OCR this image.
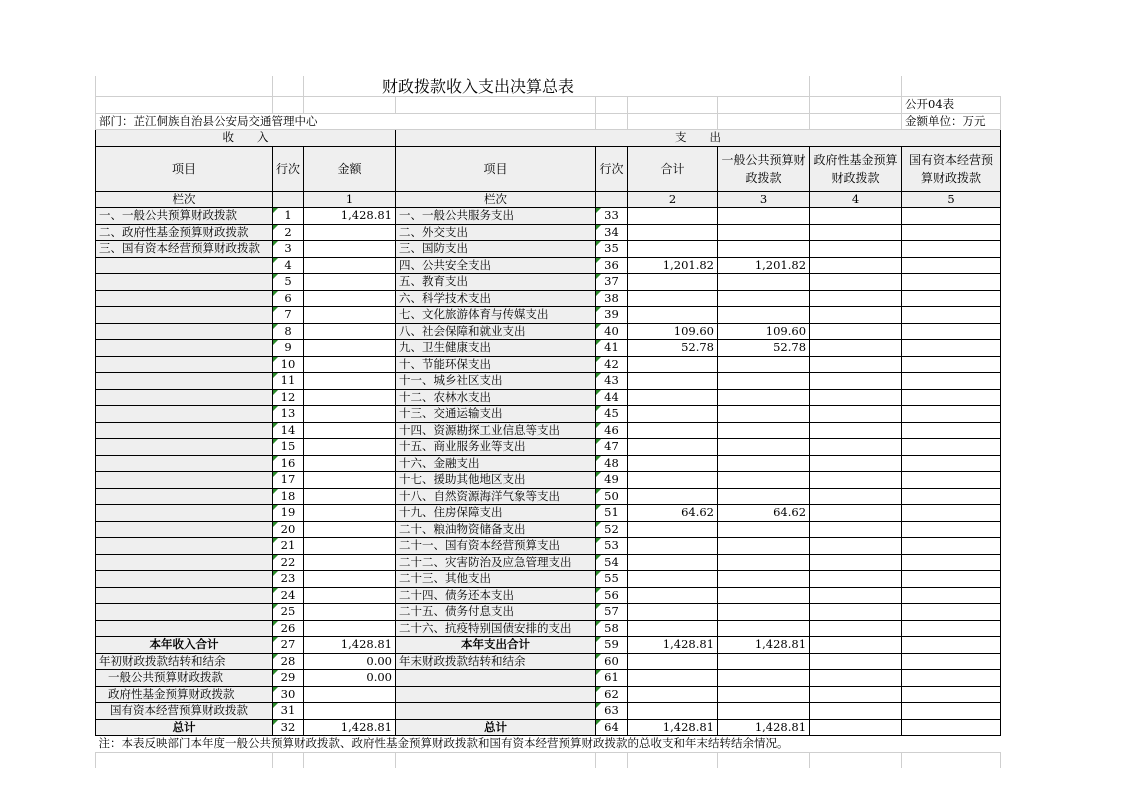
		财政拨款收入支出决算总表						
								公开04表
部门：芷江侗族自治县公安局交通管理中心								金额单位：万元
收　　入			支　　出					
项目	行次	金额	项目	行次	合计	一般公共预算财政拨款	政府性基金预算财政拨款	国有资本经营预算财政拨款
栏次		1	栏次		2	3	4	5
一、一般公共预算财政拨款	1	1,428.81	一、一般公共服务支出	33				
二、政府性基金预算财政拨款	2		二、外交支出	34				
三、国有资本经营预算财政拨款	3		三、国防支出	35				
	4		四、公共安全支出	36	1,201.82	1,201.82		
	5		五、教育支出	37				
	6		六、科学技术支出	38				
	7		七、文化旅游体育与传媒支出	39				
	8		八、社会保障和就业支出	40	109.60	109.60		
	9		九、卫生健康支出	41	52.78	52.78		
	10		十、节能环保支出	42				
	11		十一、城乡社区支出	43				
	12		十二、农林水支出	44				
	13		十三、交通运输支出	45				
	14		十四、资源勘探工业信息等支出	46				
	15		十五、商业服务业等支出	47				
	16		十六、金融支出	48				
	17		十七、援助其他地区支出	49				
	18		十八、自然资源海洋气象等支出	50				
	19		十九、住房保障支出	51	64.62	64.62		
	20		二十、粮油物资储备支出	52				
	21		二十一、国有资本经营预算支出	53				
	22		二十二、灾害防治及应急管理支出	54				
	23		二十三、其他支出	55				
	24		二十四、债务还本支出	56				
	25		二十五、债务付息支出	57				
	26		二十六、抗疫特别国债安排的支出	58				
本年收入合计	27	1,428.81	本年支出合计	59	1,428.81	1,428.81		
年初财政拨款结转和结余	28	0.00	年末财政拨款结转和结余	60				
一般公共预算财政拨款	29	0.00		61				
政府性基金预算财政拨款	30			62				
国有资本经营预算财政拨款	31			63				
总计	32	1,428.81	总计	64	1,428.81	1,428.81		
注：本表反映部门本年度一般公共预算财政拨款、政府性基金预算财政拨款和国有资本经营预算财政拨款的总收支和年末结转结余情况。								
